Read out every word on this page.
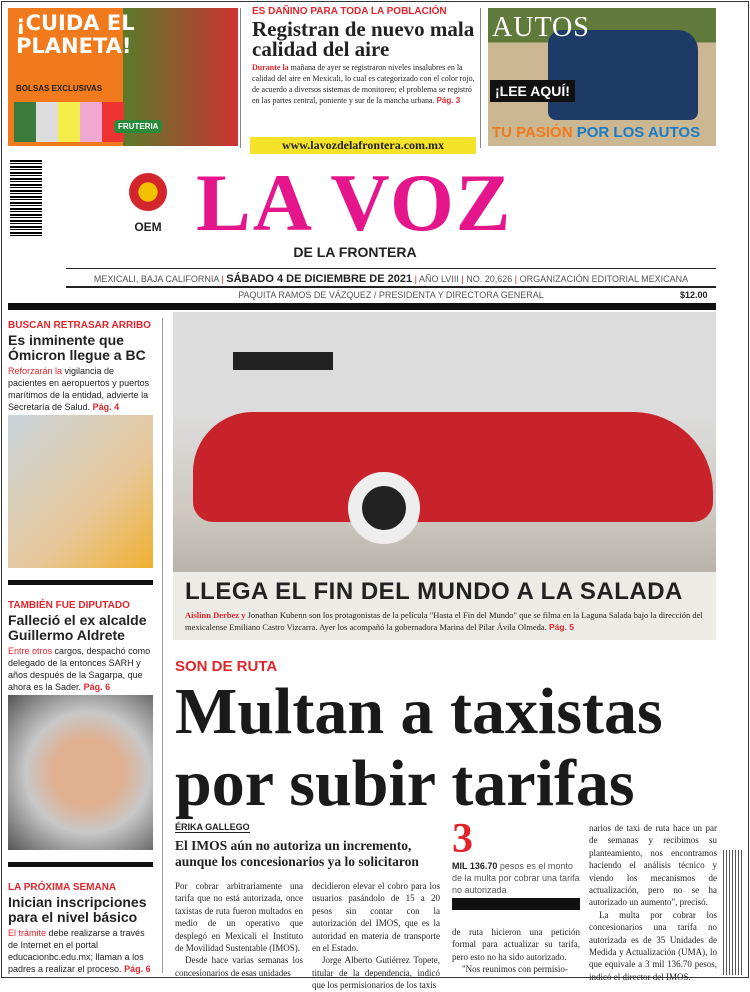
¡CUIDA EL PLANETA!
BOLSAS EXCLUSIVAS
FRUTERIA
ES DAÑINO PARA TODA LA POBLACIÓN
Registran de nuevo mala calidad del aire

Durante la mañana de ayer se registraron niveles insalubres en la calidad del aire en Mexicali, lo cual es categorizado con el color rojo, de acuerdo a diversos sistemas de monitoreo; el problema se registró en las partes central, poniente y sur de la mancha urbana. Pág. 3

www.lavozdelafrontera.com.mx
AUTOS
¡LEE AQUÍ!
TU PASIÓN POR LOS AUTOS
OEM LA VOZ
DE LA FRONTERA
MEXICALI, BAJA CALIFORNIA | SÁBADO 4 DE DICIEMBRE DE 2021 | AÑO LVIII | NO. 20,626 | ORGANIZACIÓN EDITORIAL MEXICANA
PAQUITA RAMOS DE VÁZQUEZ / PRESIDENTA Y DIRECTORA GENERAL	$12.00
BUSCAN RETRASAR ARRIBO
Es inminente que Ómicron llegue a BC

Reforzarán la vigilancia de pacientes en aeropuertos y puertos marítimos de la entidad, advierte la Secretaría de Salud. Pág. 4

TAMBIÉN FUE DIPUTADO
Falleció el ex alcalde Guillermo Aldrete

Entre otros cargos, despachó como delegado de la entonces SARH y años después de la Sagarpa, que ahora es la Sader. Pág. 6

LA PRÓXIMA SEMANA
Inician inscripciones para el nivel básico

El trámite debe realizarse a través de Internet en el portal educacionbc.edu.mx; llaman a los padres a realizar el proceso. Pág. 6

LLEGA EL FIN DEL MUNDO A LA SALADA

Aislinn Derbez y Jonathan Kubenn son los protagonistas de la película "Hasta el Fin del Mundo" que se filma en la Laguna Salada bajo la dirección del mexicalense Emiliano Castro Vizcarra. Ayer los acompañó la gobernadora Marina del Pilar Ávila Olmeda. Pág. 5

SON DE RUTA
Multan a taxistas por subir tarifas
ÉRIKA GALLEGO
El IMOS aún no autoriza un incremento, aunque los concesionarios ya lo solicitaron

Por cobrar arbitrariamente una tarifa que no está autorizada, once taxistas de ruta fueron multados en medio de un operativo que desplegó en Mexicali el Instituto de Movilidad Sustentable (IMOS).

Desde hace varias semanas los concesionarios de esas unidades

decidieron elevar el cobro para los usuarios pasándolo de 15 a 20 pesos sin contar con la autorización del IMOS, que es la autoridad en materia de transporte en el Estado.

Jorge Alberto Gutiérrez Topete, titular de la dependencia, indicó que los permisionarios de los taxis

3
MIL 136.70 pesos es el monto de la multa por cobrar una tarifa no autorizada

de ruta hicieron una petición formal para actualizar su tarifa, pero esto no ha sido autorizado.

"Nos reunimos con permisio-

narios de taxi de ruta hace un par de semanas y recibimos su planteamiento, nos encontramos haciendo el análisis técnico y viendo los mecanismos de actualización, pero no se ha autorizado un aumento", precisó.

La multa por cobrar los concesionarios una tarifa no autorizada es de 35 Unidades de Medida y Actualización (UMA), lo que equivale a 3 mil 136.70 pesos, indicó el director del IMOS.
